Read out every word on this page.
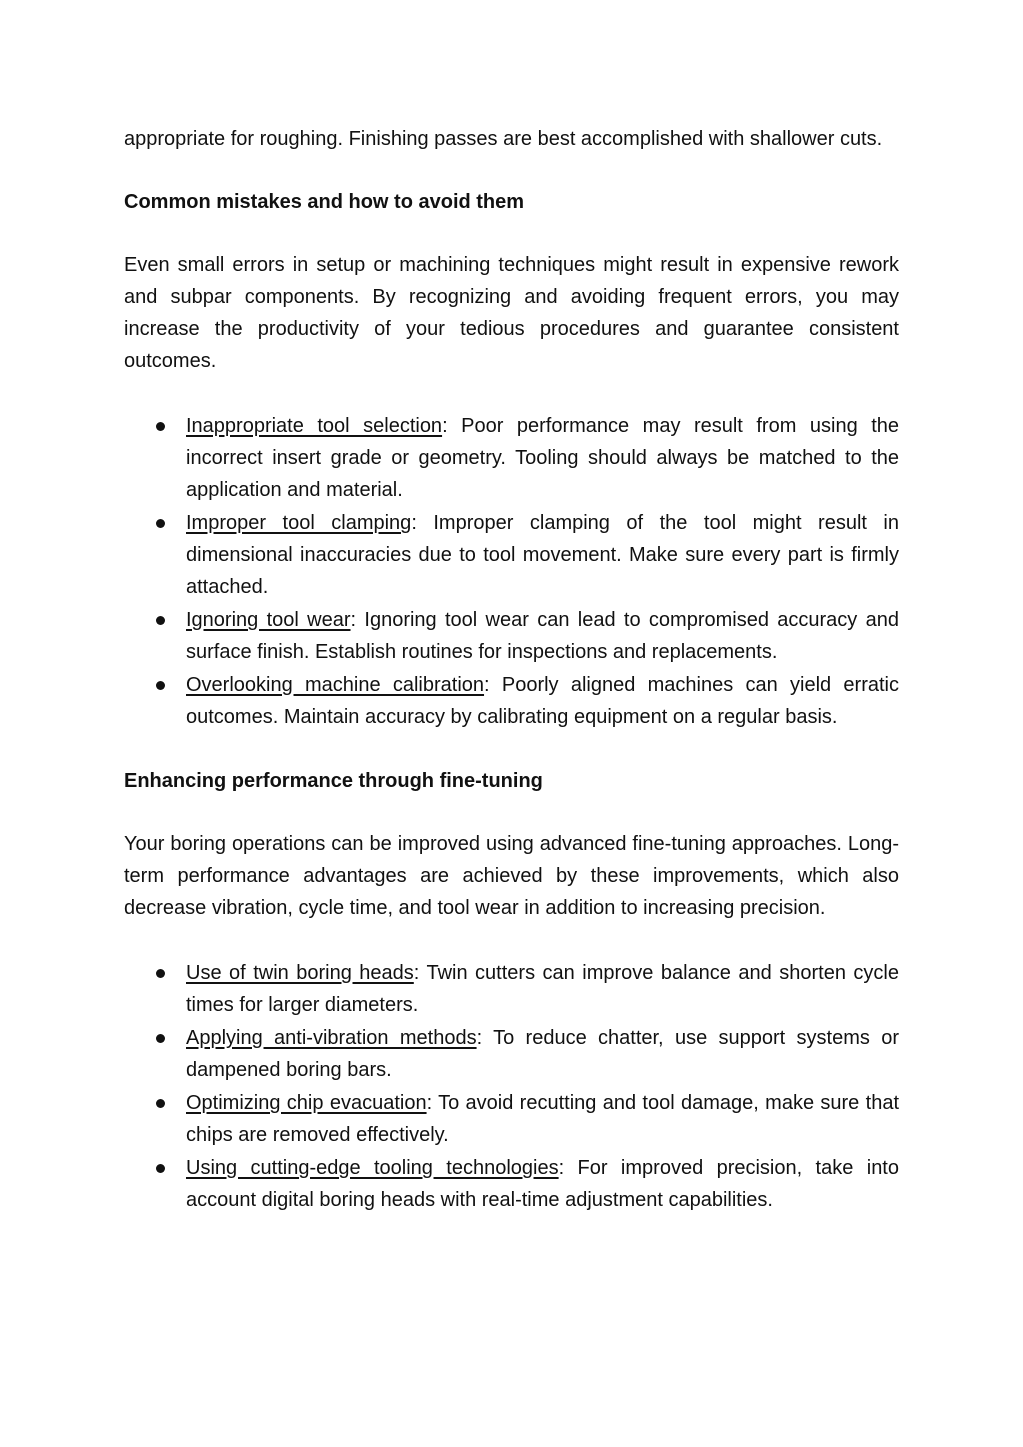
appropriate for roughing. Finishing passes are best accomplished with shallower cuts.

Common mistakes and how to avoid them

Even small errors in setup or machining techniques might result in expensive rework and subpar components. By recognizing and avoiding frequent errors, you may increase the productivity of your tedious procedures and guarantee consistent outcomes.

Inappropriate tool selection: Poor performance may result from using the incorrect insert grade or geometry. Tooling should always be matched to the application and material.
Improper tool clamping: Improper clamping of the tool might result in dimensional inaccuracies due to tool movement. Make sure every part is firmly attached.
Ignoring tool wear: Ignoring tool wear can lead to compromised accuracy and surface finish. Establish routines for inspections and replacements.
Overlooking machine calibration: Poorly aligned machines can yield erratic outcomes. Maintain accuracy by calibrating equipment on a regular basis.
Enhancing performance through fine-tuning

Your boring operations can be improved using advanced fine-tuning approaches. Long-term performance advantages are achieved by these improvements, which also decrease vibration, cycle time, and tool wear in addition to increasing precision.

Use of twin boring heads: Twin cutters can improve balance and shorten cycle times for larger diameters.
Applying anti-vibration methods: To reduce chatter, use support systems or dampened boring bars.
Optimizing chip evacuation: To avoid recutting and tool damage, make sure that chips are removed effectively.
Using cutting-edge tooling technologies: For improved precision, take into account digital boring heads with real-time adjustment capabilities.
